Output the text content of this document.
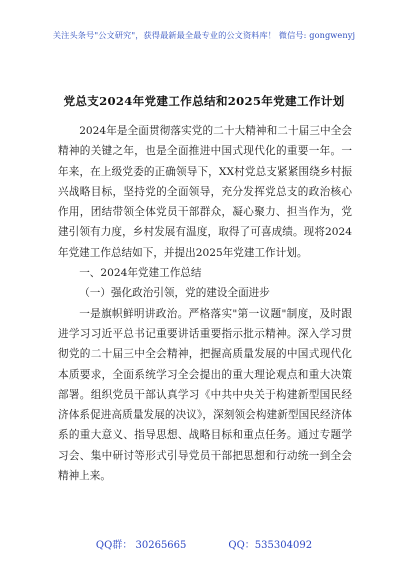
关注头条号"公文研究"，获得最新最全最专业的公文资料库！ 微信号: gongwenyj
党总支2024年党建工作总结和2025年党建工作计划

2024年是全面贯彻落实党的二十大精神和二十届三中全会精神的关键之年，也是全面推进中国式现代化的重要一年。一年来，在上级党委的正确领导下，XX村党总支紧紧围绕乡村振兴战略目标，坚持党的全面领导，充分发挥党总支的政治核心作用，团结带领全体党员干部群众，凝心聚力、担当作为，党建引领有力度，乡村发展有温度，取得了可喜成绩。现将2024年党建工作总结如下，并提出2025年党建工作计划。

一、2024年党建工作总结

（一）强化政治引领，党的建设全面进步

一是旗帜鲜明讲政治。严格落实"第一议题"制度，及时跟进学习习近平总书记重要讲话重要指示批示精神。深入学习贯彻党的二十届三中全会精神，把握高质量发展的中国式现代化本质要求，全面系统学习全会提出的重大理论观点和重大决策部署。组织党员干部认真学习《中共中央关于构建新型国民经济体系促进高质量发展的决议》，深刻领会构建新型国民经济体系的重大意义、指导思想、战略目标和重点任务。通过专题学习会、集中研讨等形式引导党员干部把思想和行动统一到全会精神上来。

QQ群： 30265665	QQ：535304092
